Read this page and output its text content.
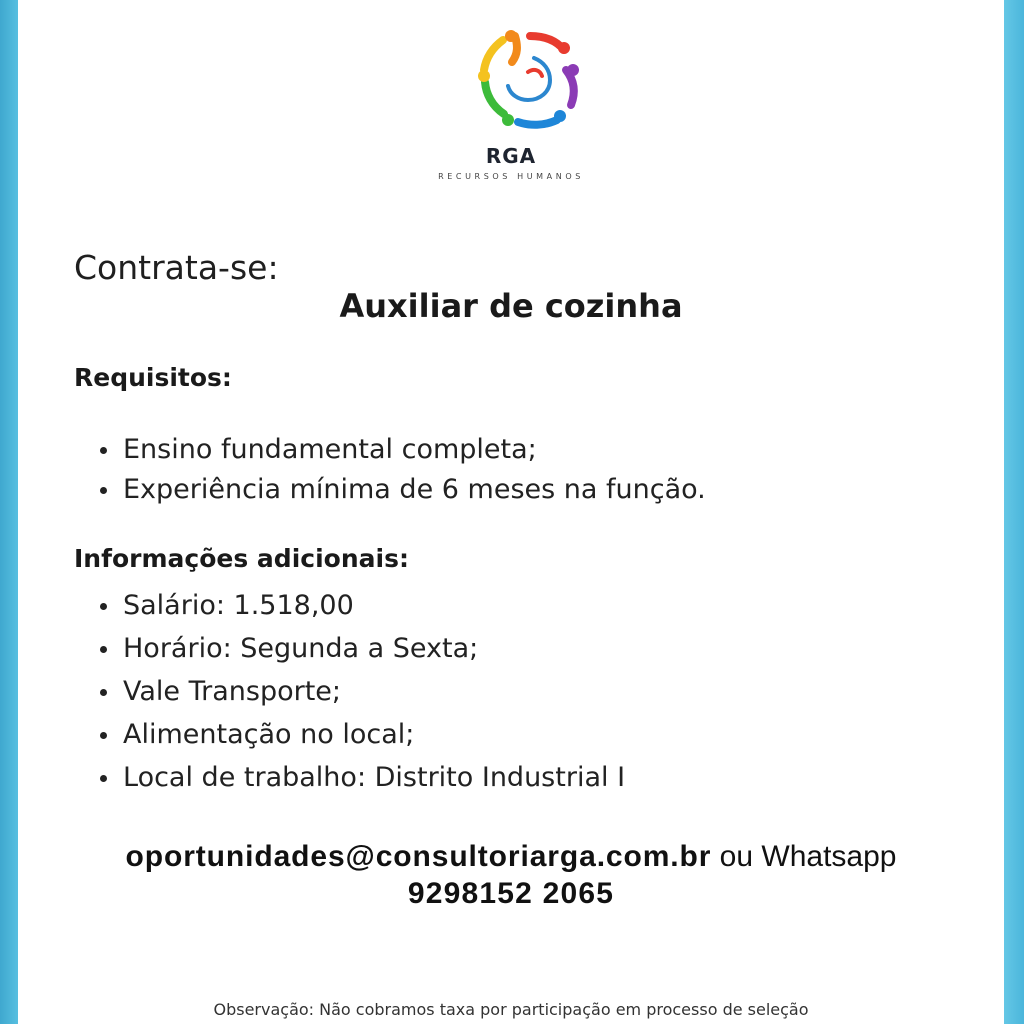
RGA
RECURSOS HUMANOS
Contrata-se:
Auxiliar de cozinha
Requisitos:
Ensino fundamental completa;
Experiência mínima de 6 meses na função.
Informações adicionais:
Salário: 1.518,00
Horário: Segunda a Sexta;
Vale Transporte;
Alimentação no local;
Local de trabalho: Distrito Industrial I
oportunidades@consultoriarga.com.br ou Whatsapp
9298152 2065
Observação: Não cobramos taxa por participação em processo de seleção
